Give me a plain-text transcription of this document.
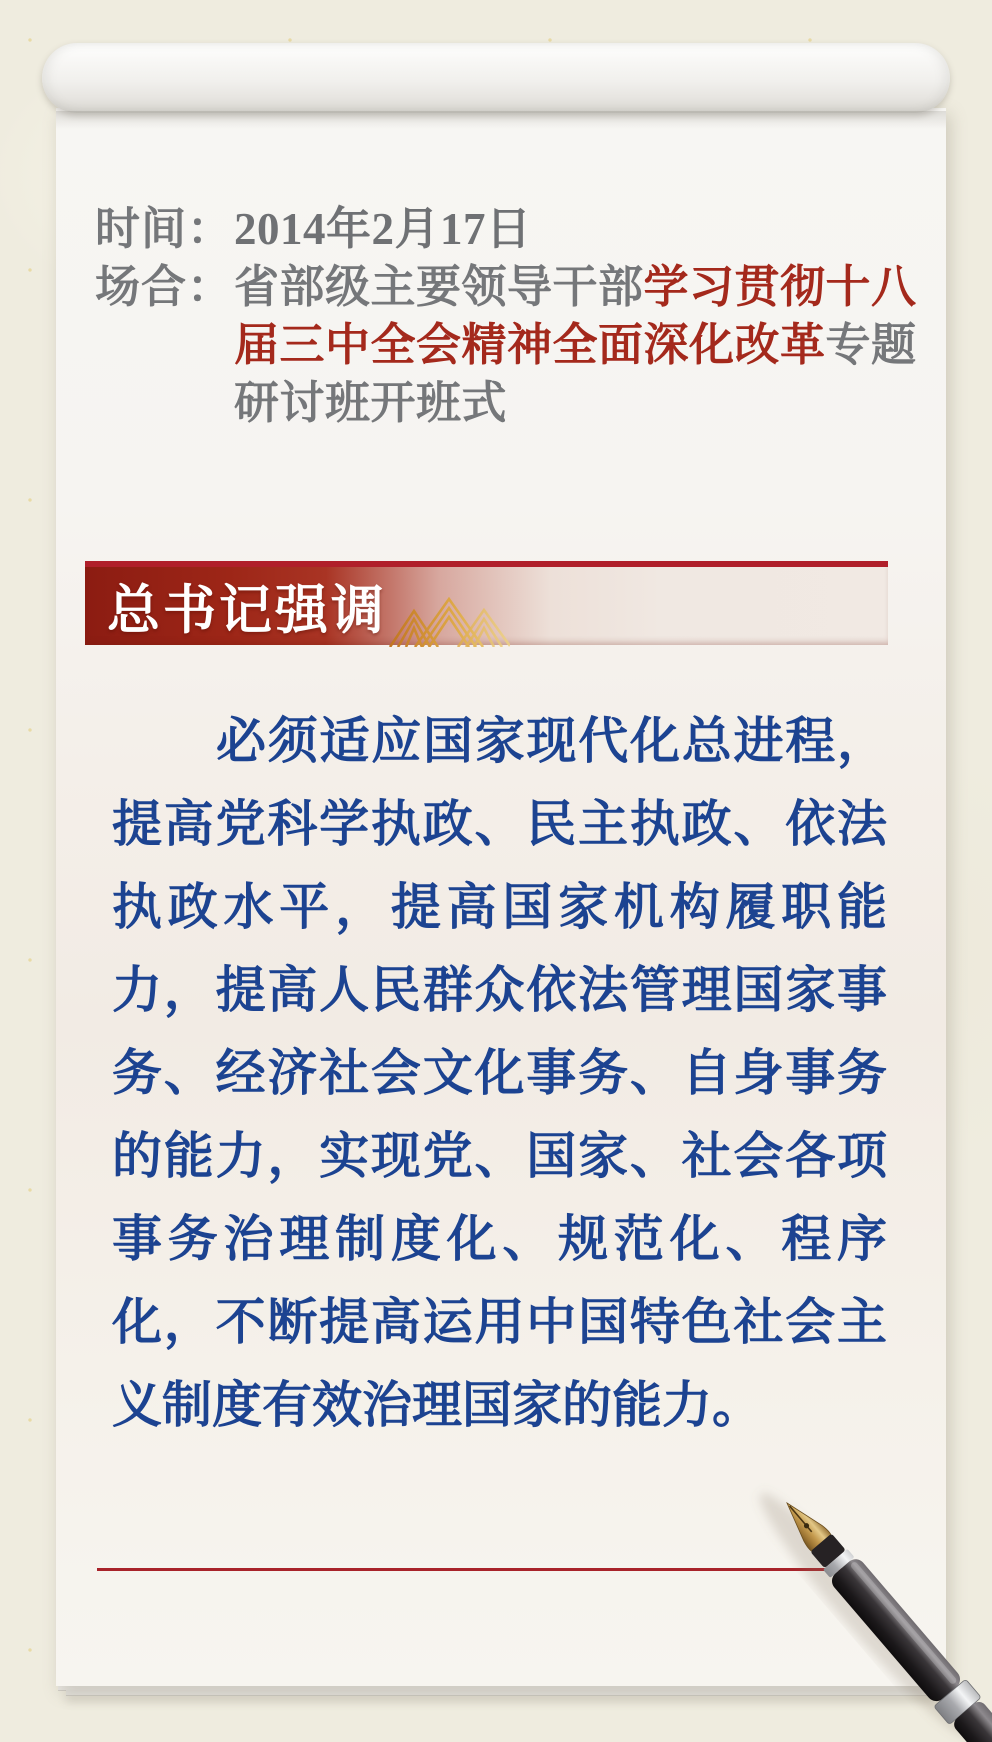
时间： 2014年2月17日
场合： 省部级主要领导干部学习贯彻十八届三中全会精神全面深化改革专题研讨班开班式
总书记强调
必须适应国家现代化总进程，
提高党科学执政、民主执政、依法
执政水平，提高国家机构履职能
力，提高人民群众依法管理国家事
务、经济社会文化事务、自身事务
的能力，实现党、国家、社会各项
事务治理制度化、规范化、程序
化，不断提高运用中国特色社会主
义制度有效治理国家的能力。
